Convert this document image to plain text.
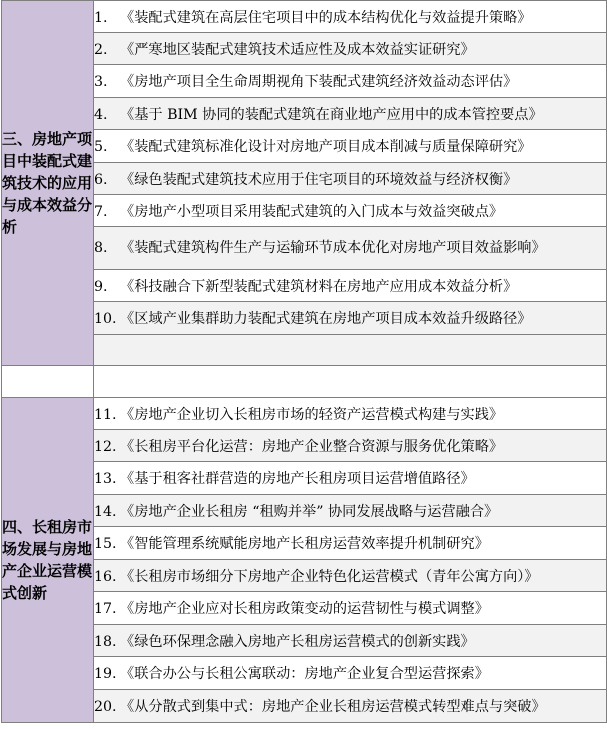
三、房地产项目中装配式建筑技术的应用与成本效益分析	1. 《装配式建筑在高层住宅项目中的成本结构优化与效益提升策略》
	2. 《严寒地区装配式建筑技术适应性及成本效益实证研究》
	3. 《房地产项目全生命周期视角下装配式建筑经济效益动态评估》
	4. 《基于 BIM 协同的装配式建筑在商业地产应用中的成本管控要点》
	5. 《装配式建筑标准化设计对房地产项目成本削减与质量保障研究》
	6. 《绿色装配式建筑技术应用于住宅项目的环境效益与经济权衡》
	7. 《房地产小型项目采用装配式建筑的入门成本与效益突破点》
	8. 《装配式建筑构件生产与运输环节成本优化对房地产项目效益影响》
	9. 《科技融合下新型装配式建筑材料在房地产应用成本效益分析》
	10. 《区域产业集群助力装配式建筑在房地产项目成本效益升级路径》

四、长租房市场发展与房地产企业运营模式创新	11. 《房地产企业切入长租房市场的轻资产运营模式构建与实践》
	12. 《长租房平台化运营：房地产企业整合资源与服务优化策略》
	13. 《基于租客社群营造的房地产长租房项目运营增值路径》
	14. 《房地产企业长租房 “租购并举” 协同发展战略与运营融合》
	15. 《智能管理系统赋能房地产长租房运营效率提升机制研究》
	16. 《长租房市场细分下房地产企业特色化运营模式（青年公寓方向）》
	17. 《房地产企业应对长租房政策变动的运营韧性与模式调整》
	18. 《绿色环保理念融入房地产长租房运营模式的创新实践》
	19. 《联合办公与长租公寓联动：房地产企业复合型运营探索》
	20. 《从分散式到集中式：房地产企业长租房运营模式转型难点与突破》
